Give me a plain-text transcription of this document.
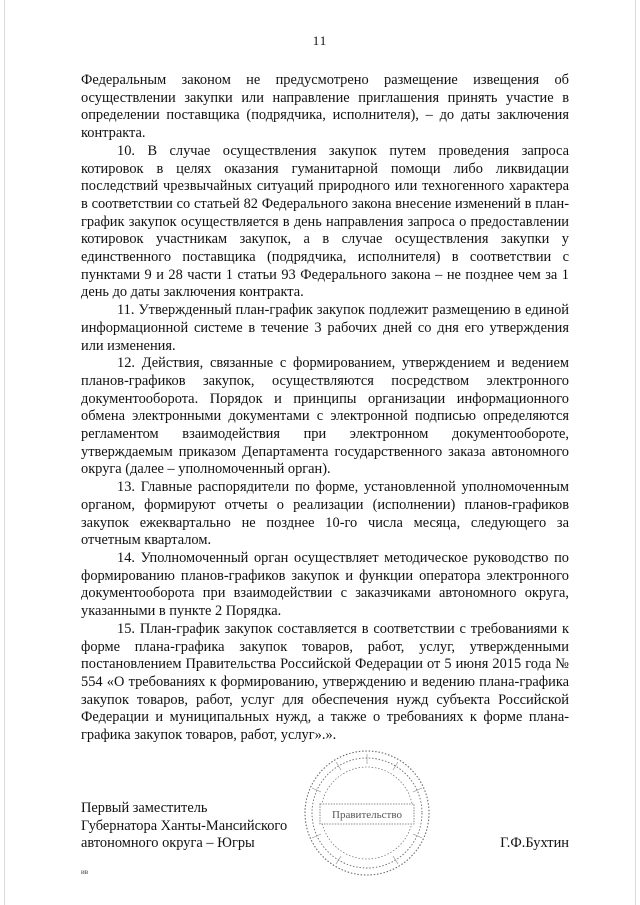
11

Федеральным законом не предусмотрено размещение извещения об осуществлении закупки или направление приглашения принять участие в определении поставщика (подрядчика, исполнителя), – до даты заключения контракта.

10. В случае осуществления закупок путем проведения запроса котировок в целях оказания гуманитарной помощи либо ликвидации последствий чрезвычайных ситуаций природного или техногенного характера в соответствии со статьей 82 Федерального закона внесение изменений в план-график закупок осуществляется в день направления запроса о предоставлении котировок участникам закупок, а в случае осуществления закупки у единственного поставщика (подрядчика, исполнителя) в соответствии с пунктами 9 и 28 части 1 статьи 93 Федерального закона – не позднее чем за 1 день до даты заключения контракта.

11. Утвержденный план-график закупок подлежит размещению в единой информационной системе в течение 3 рабочих дней со дня его утверждения или изменения.

12. Действия, связанные с формированием, утверждением и ведением планов-графиков закупок, осуществляются посредством электронного документооборота. Порядок и принципы организации информационного обмена электронными документами с электронной подписью определяются регламентом взаимодействия при электронном документообороте, утверждаемым приказом Департамента государственного заказа автономного округа (далее – уполномоченный орган).

13. Главные распорядители по форме, установленной уполномоченным органом, формируют отчеты о реализации (исполнении) планов-графиков закупок ежеквартально не позднее 10-го числа месяца, следующего за отчетным кварталом.

14. Уполномоченный орган осуществляет методическое руководство по формированию планов-графиков закупок и функции оператора электронного документооборота при взаимодействии с заказчиками автономного округа, указанными в пункте 2 Порядка.

15. План-график закупок составляется в соответствии с требованиями к форме плана-графика закупок товаров, работ, услуг, утвержденными постановлением Правительства Российской Федерации от 5 июня 2015 года № 554 «О требованиях к формированию, утверждению и ведению плана-графика закупок товаров, работ, услуг для обеспечения нужд субъекта Российской Федерации и муниципальных нужд, а также о требованиях к форме плана-графика закупок товаров, работ, услуг».».

Правительство
Первый заместитель
Губернатора Ханты-Мансийского
автономного округа – Югры	Г.Ф.Бухтин
ив
